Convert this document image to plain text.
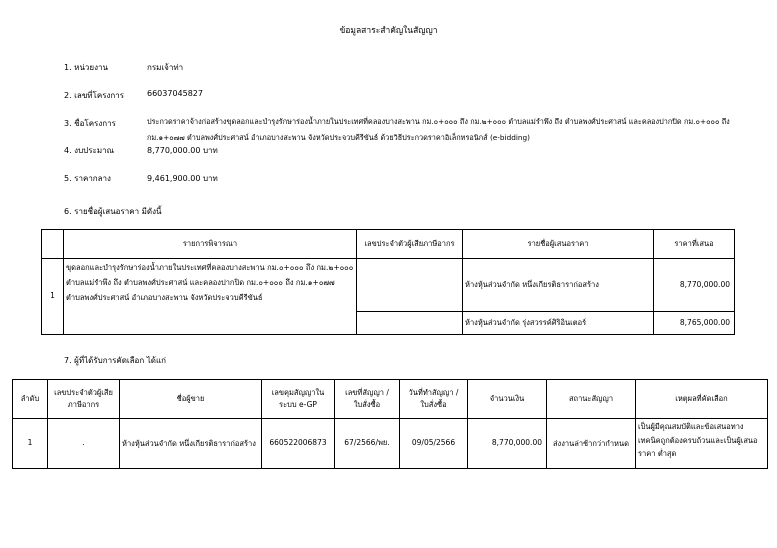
ข้อมูลสาระสำคัญในสัญญา
1. หน่วยงาน	กรมเจ้าท่า
2. เลขที่โครงการ	66037045827
3. ชื่อโครงการ	ประกวดราคาจ้างก่อสร้างขุดลอกและบำรุงรักษาร่องน้ำภายในประเทศที่คลองบางสะพาน กม.๐+๐๐๐ ถึง กม.๒+๐๐๐ ตำบลแม่รำพึง ถึง ตำบลพงศ์ประศาสน์ และคลองปากปิด กม.๐+๐๐๐ ถึง กม.๑+๐๗๗ ตำบลพงศ์ประศาสน์ อำเภอบางสะพาน จังหวัดประจวบคีรีขันธ์ ด้วยวิธีประกวดราคาอิเล็กทรอนิกส์ (e-bidding)
4. งบประมาณ	8,770,000.00 บาท
5. ราคากลาง	9,461,900.00 บาท
6. รายชื่อผู้เสนอราคา มีดังนี้
	รายการพิจารณา	เลขประจำตัวผู้เสียภาษีอากร	รายชื่อผู้เสนอราคา	ราคาที่เสนอ
1	ขุดลอกและบำรุงรักษาร่องน้ำภายในประเทศที่คลองบางสะพาน กม.๐+๐๐๐ ถึง กม.๒+๐๐๐ ตำบลแม่รำพึง ถึง ตำบลพงศ์ประศาสน์ และคลองปากปิด กม.๐+๐๐๐ ถึง กม.๑+๐๗๗ ตำบลพงศ์ประศาสน์ อำเภอบางสะพาน จังหวัดประจวบคีรีขันธ์		ห้างหุ้นส่วนจำกัด หนึ่งเกียรติธาราก่อสร้าง	8,770,000.00
			ห้างหุ้นส่วนจำกัด รุ่งสวรรค์ศิริอินเตอร์	8,765,000.00
7. ผู้ที่ได้รับการคัดเลือก ได้แก่
ลำดับ	เลขประจำตัวผู้เสียภาษีอากร	ชื่อผู้ขาย	เลขคุมสัญญาในระบบ e-GP	เลขที่สัญญา / ใบสั่งซื้อ	วันที่ทำสัญญา / ใบสั่งซื้อ	จำนวนเงิน	สถานะสัญญา	เหตุผลที่คัดเลือก
1	.	ห้างหุ้นส่วนจำกัด หนึ่งเกียรติธาราก่อสร้าง	660522006873	67/2566/พย.	09/05/2566	8,770,000.00	ส่งงานล่าช้ากว่ากำหนด	เป็นผู้มีคุณสมบัติและข้อเสนอทางเทคนิคถูกต้องครบถ้วนและเป็นผู้เสนอราคา ต่ำสุด
